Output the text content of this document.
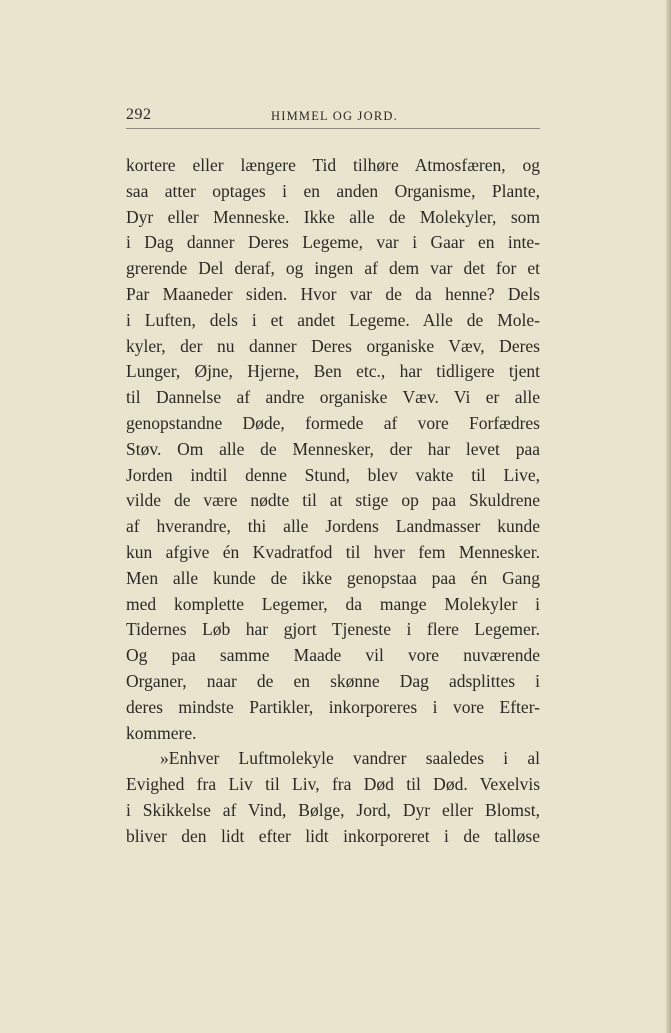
292	HIMMEL OG JORD.
kortere eller længere Tid tilhøre Atmosfæren, og
saa atter optages i en anden Organisme, Plante,
Dyr eller Menneske. Ikke alle de Molekyler, som
i Dag danner Deres Legeme, var i Gaar en inte-
grerende Del deraf, og ingen af dem var det for et
Par Maaneder siden. Hvor var de da henne? Dels
i Luften, dels i et andet Legeme. Alle de Mole-
kyler, der nu danner Deres organiske Væv, Deres
Lunger, Øjne, Hjerne, Ben etc., har tidligere tjent
til Dannelse af andre organiske Væv. Vi er alle
genopstandne Døde, formede af vore Forfædres
Støv. Om alle de Mennesker, der har levet paa
Jorden indtil denne Stund, blev vakte til Live,
vilde de være nødte til at stige op paa Skuldrene
af hverandre, thi alle Jordens Landmasser kunde
kun afgive én Kvadratfod til hver fem Mennesker.
Men alle kunde de ikke genopstaa paa én Gang
med komplette Legemer, da mange Molekyler i
Tidernes Løb har gjort Tjeneste i flere Legemer.
Og paa samme Maade vil vore nuværende
Organer, naar de en skønne Dag adsplittes i
deres mindste Partikler, inkorporeres i vore Efter-
kommere.
»Enhver Luftmolekyle vandrer saaledes i al
Evighed fra Liv til Liv, fra Død til Død. Vexelvis
i Skikkelse af Vind, Bølge, Jord, Dyr eller Blomst,
bliver den lidt efter lidt inkorporeret i de talløse
